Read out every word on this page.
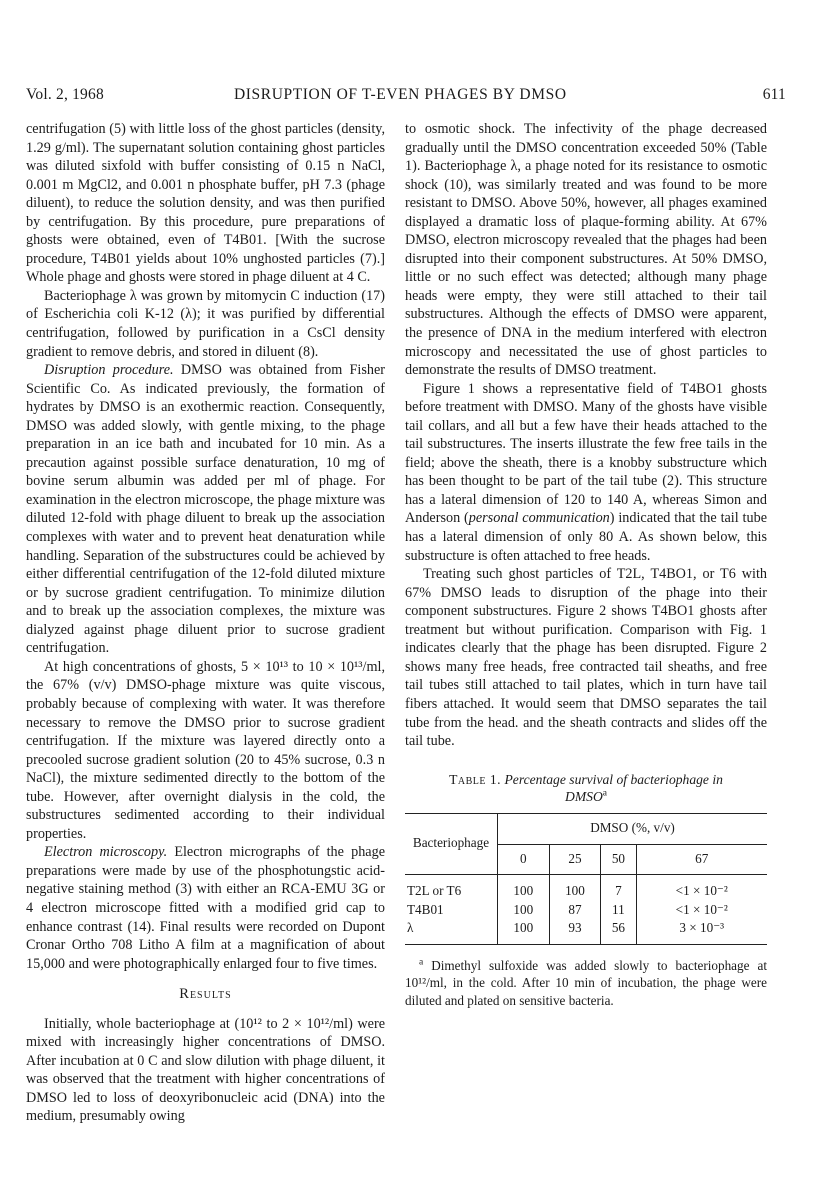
Vol. 2, 1968	DISRUPTION OF T-EVEN PHAGES BY DMSO	611

centrifugation (5) with little loss of the ghost particles (density, 1.29 g/ml). The supernatant solution containing ghost particles was diluted sixfold with buffer consisting of 0.15 n NaCl, 0.001 m MgCl2, and 0.001 n phosphate buffer, pH 7.3 (phage diluent), to reduce the solution density, and was then purified by centrifugation. By this procedure, pure preparations of ghosts were obtained, even of T4B01. [With the sucrose procedure, T4B01 yields about 10% unghosted particles (7).] Whole phage and ghosts were stored in phage diluent at 4 C.

Bacteriophage λ was grown by mitomycin C induction (17) of Escherichia coli K-12 (λ); it was purified by differential centrifugation, followed by purification in a CsCl density gradient to remove debris, and stored in diluent (8).

Disruption procedure. DMSO was obtained from Fisher Scientific Co. As indicated previously, the formation of hydrates by DMSO is an exothermic reaction. Consequently, DMSO was added slowly, with gentle mixing, to the phage preparation in an ice bath and incubated for 10 min. As a precaution against possible surface denaturation, 10 mg of bovine serum albumin was added per ml of phage. For examination in the electron microscope, the phage mixture was diluted 12-fold with phage diluent to break up the association complexes with water and to prevent heat denaturation while handling. Separation of the substructures could be achieved by either differential centrifugation of the 12-fold diluted mixture or by sucrose gradient centrifugation. To minimize dilution and to break up the association complexes, the mixture was dialyzed against phage diluent prior to sucrose gradient centrifugation.

At high concentrations of ghosts, 5 × 10¹³ to 10 × 10¹³/ml, the 67% (v/v) DMSO-phage mixture was quite viscous, probably because of complexing with water. It was therefore necessary to remove the DMSO prior to sucrose gradient centrifugation. If the mixture was layered directly onto a precooled sucrose gradient solution (20 to 45% sucrose, 0.3 n NaCl), the mixture sedimented directly to the bottom of the tube. However, after overnight dialysis in the cold, the substructures sedimented according to their individual properties.

Electron microscopy. Electron micrographs of the phage preparations were made by use of the phosphotungstic acid-negative staining method (3) with either an RCA-EMU 3G or 4 electron microscope fitted with a modified grid cap to enhance contrast (14). Final results were recorded on Dupont Cronar Ortho 708 Litho A film at a magnification of about 15,000 and were photographically enlarged four to five times.

Results

Initially, whole bacteriophage at (10¹² to 2 × 10¹²/ml) were mixed with increasingly higher concentrations of DMSO. After incubation at 0 C and slow dilution with phage diluent, it was observed that the treatment with higher concentrations of DMSO led to loss of deoxyribonucleic acid (DNA) into the medium, presumably owing

to osmotic shock. The infectivity of the phage decreased gradually until the DMSO concentration exceeded 50% (Table 1). Bacteriophage λ, a phage noted for its resistance to osmotic shock (10), was similarly treated and was found to be more resistant to DMSO. Above 50%, however, all phages examined displayed a dramatic loss of plaque-forming ability. At 67% DMSO, electron microscopy revealed that the phages had been disrupted into their component substructures. At 50% DMSO, little or no such effect was detected; although many phage heads were empty, they were still attached to their tail substructures. Although the effects of DMSO were apparent, the presence of DNA in the medium interfered with electron microscopy and necessitated the use of ghost particles to demonstrate the results of DMSO treatment.

Figure 1 shows a representative field of T4BO1 ghosts before treatment with DMSO. Many of the ghosts have visible tail collars, and all but a few have their heads attached to the tail substructures. The inserts illustrate the few free tails in the field; above the sheath, there is a knobby substructure which has been thought to be part of the tail tube (2). This structure has a lateral dimension of 120 to 140 A, whereas Simon and Anderson (personal communication) indicated that the tail tube has a lateral dimension of only 80 A. As shown below, this substructure is often attached to free heads.

Treating such ghost particles of T2L, T4BO1, or T6 with 67% DMSO leads to disruption of the phage into their component substructures. Figure 2 shows T4BO1 ghosts after treatment but without purification. Comparison with Fig. 1 indicates clearly that the phage has been disrupted. Figure 2 shows many free heads, free contracted tail sheaths, and free tail tubes still attached to tail plates, which in turn have tail fibers attached. It would seem that DMSO separates the tail tube from the head. and the sheath contracts and slides off the tail tube.

Table 1. Percentage survival of bacteriophage in DMSO$^a$
Bacteriophage	DMSO (%, v/v)			
	0	25	50	67

T2L or T6	100	100	7	<1 × 10⁻²
T4B01	100	87	11	<1 × 10⁻²
λ	100	93	56	3 × 10⁻³

$^a$ Dimethyl sulfoxide was added slowly to bacteriophage at 10¹²/ml, in the cold. After 10 min of incubation, the phage were diluted and plated on sensitive bacteria.
